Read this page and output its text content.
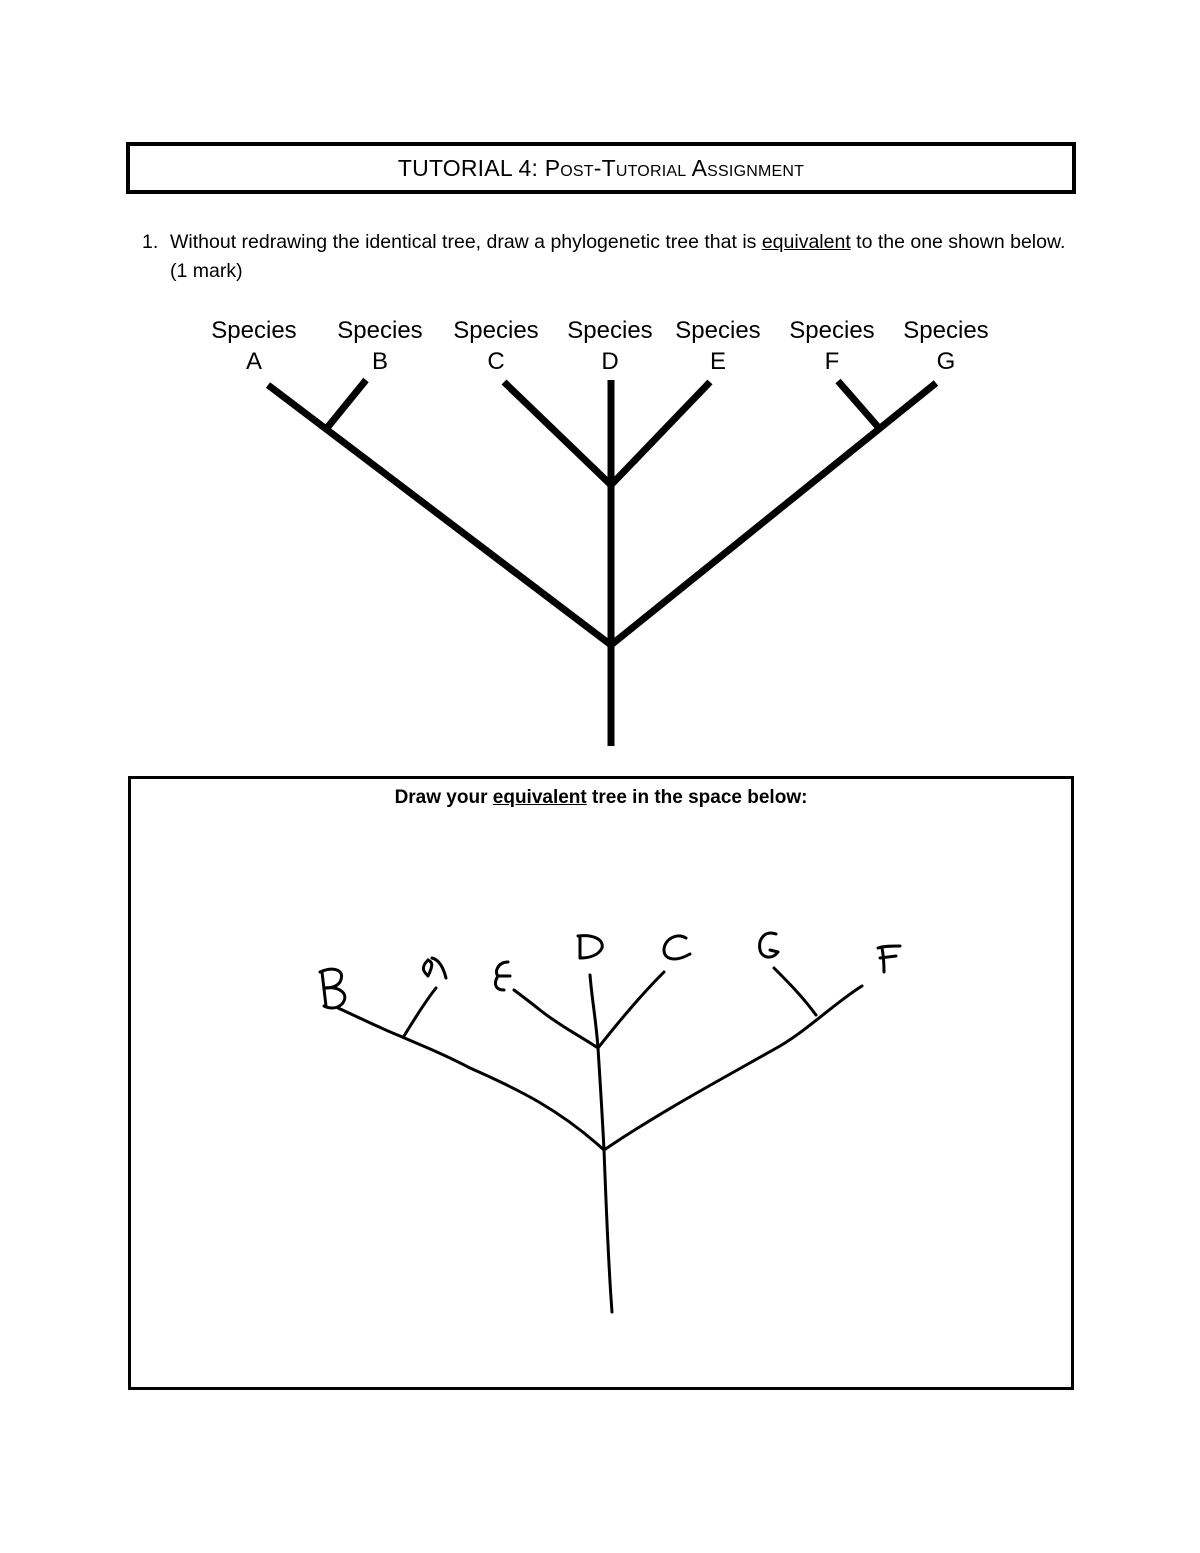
TUTORIAL 4: Post-Tutorial Assignment
1. Without redrawing the identical tree, draw a phylogenetic tree that is equivalent to the one shown below. (1 mark)
Species
A
Species
B
Species
C
Species
D
Species
E
Species
F
Species
G
Draw your equivalent tree in the space below:
